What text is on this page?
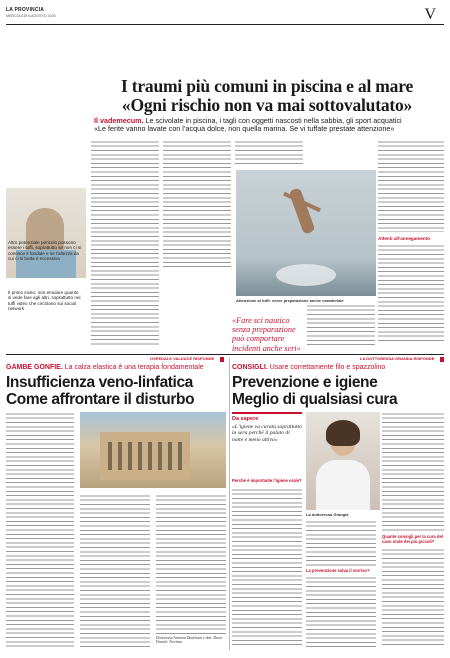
LA PROVINCIA
MERCOLEDÌ 6 AGOSTO 2025	V
I traumi più comuni in piscina e al mare
«Ogni rischio non va mai sottovalutato»
Il vademecum. Le scivolate in piscina, i tagli con oggetti nascosti nella sabbia, gli sport acquatici
«Le ferite vanno lavate con l’acqua dolce, non quella marina. Se vi tuffate prestate attenzione»
Altro potenziale pericolo possono essere i tuffi, soprattutto se non ci si conosce il fondale e se l’altezza da cui ci si butta è eccessiva
Il primo invito: non emulare quanto si vede fare agli altri, soprattutto nei tuffi video che circolano sui social network
Attenzione ai tuffi: serve preparazione anche caratteriale
«Fare sci nautico senza preparazione può comportare incidenti anche seri»
Attenti all’annegamento
OSPEDALE VALDUCE RISPONDE
GAMBE GONFIE. La calza elastica è una terapia fondamentale
Insufficienza veno-linfatica
Come affrontare il disturbo
Dottoressa Arianna Daneluzzi e dott. Dario Daniele Trevisan
LA DOTTORESSA GRANDA RISPONDE
CONSIGLI. Usare correttamente filo e spazzolino
Prevenzione e igiene
Meglio di qualsiasi cura
Da sapere
«L’igiene va curata soprattutto la sera perché il palato di notte è meno attivo»
La dottoressa Grangia
Perché è importante l’igiene orale?
La prevenzione salva il sorriso?
Quante consigli per la cura del cavo orale dei più piccoli?
